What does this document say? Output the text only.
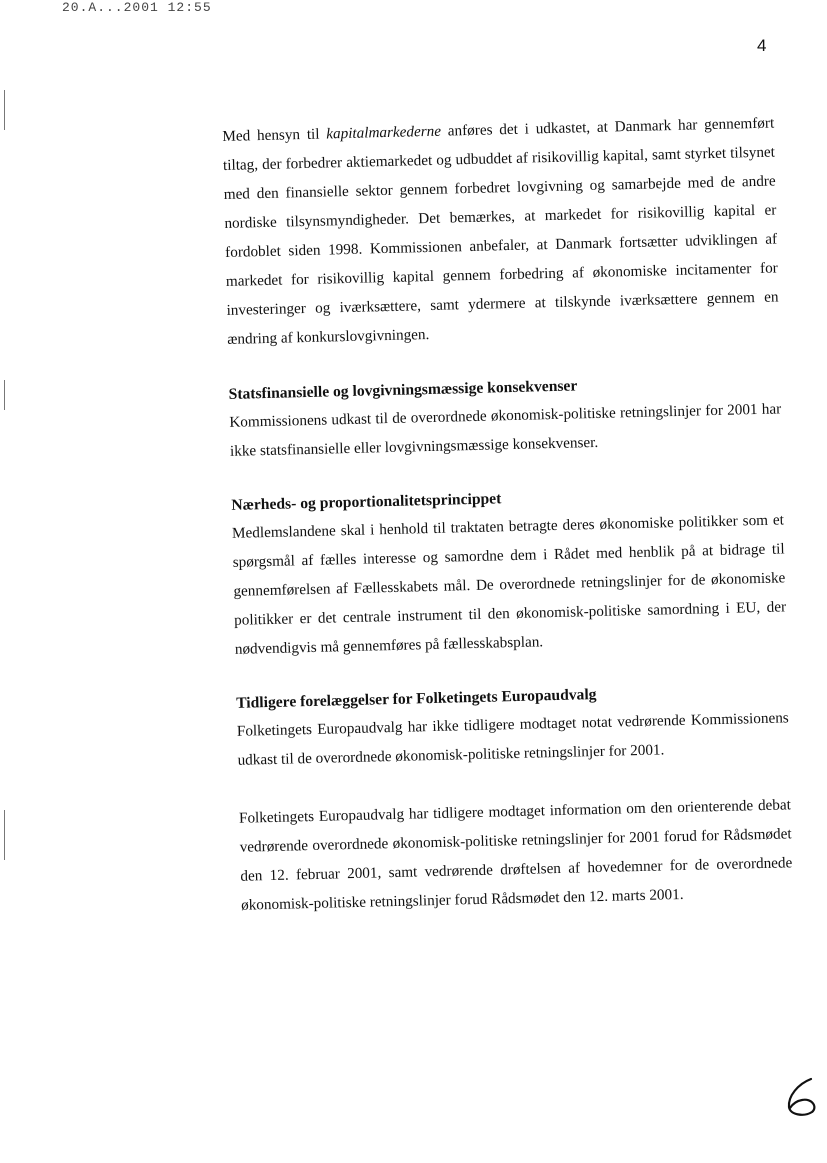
20.A...2001 12:55
4

Med hensyn til kapitalmarkederne anføres det i udkastet, at Danmark har gennemført tiltag, der forbedrer aktiemarkedet og udbuddet af risikovillig kapital, samt styrket tilsynet med den finansielle sektor gennem forbedret lovgivning og samarbejde med de andre nordiske tilsynsmyndigheder. Det bemærkes, at markedet for risikovillig kapital er fordoblet siden 1998. Kommissionen anbefaler, at Danmark fortsætter udviklingen af markedet for risikovillig kapital gennem forbedring af økonomiske incitamenter for investeringer og iværksættere, samt ydermere at tilskynde iværksættere gennem en ændring af konkurslovgivningen.

Statsfinansielle og lovgivningsmæssige konsekvenser

Kommissionens udkast til de overordnede økonomisk-politiske retningslinjer for 2001 har ikke statsfinansielle eller lovgivningsmæssige konsekvenser.

Nærheds- og proportionalitetsprincippet

Medlemslandene skal i henhold til traktaten betragte deres økonomiske politikker som et spørgsmål af fælles interesse og samordne dem i Rådet med henblik på at bidrage til gennemførelsen af Fællesskabets mål. De overordnede retningslinjer for de økonomiske politikker er det centrale instrument til den økonomisk-politiske samordning i EU, der nødvendigvis må gennemføres på fællesskabsplan.

Tidligere forelæggelser for Folketingets Europaudvalg

Folketingets Europaudvalg har ikke tidligere modtaget notat vedrørende Kommissionens udkast til de overordnede økonomisk-politiske retningslinjer for 2001.

Folketingets Europaudvalg har tidligere modtaget information om den orienterende debat vedrørende overordnede økonomisk-politiske retningslinjer for 2001 forud for Rådsmødet den 12. februar 2001, samt vedrørende drøftelsen af hovedemner for de overordnede økonomisk-politiske retningslinjer forud Rådsmødet den 12. marts 2001.
